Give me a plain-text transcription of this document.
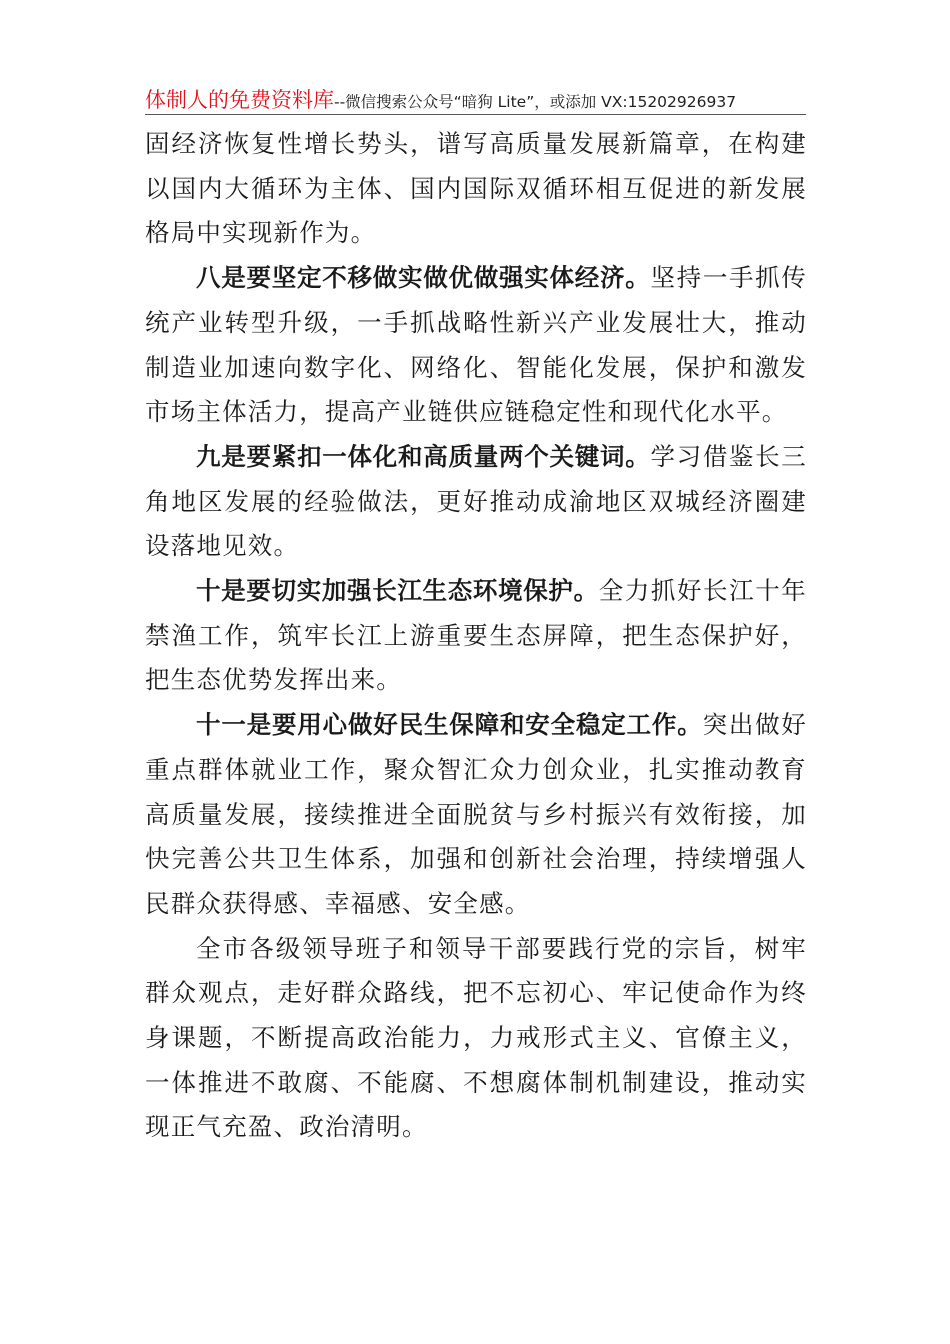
体制人的免费资料库--微信搜索公众号“暗狗 Lite”，或添加 VX:15202926937

固经济恢复性增长势头，谱写高质量发展新篇章，在构建以国内大循环为主体、国内国际双循环相互促进的新发展格局中实现新作为。

八是要坚定不移做实做优做强实体经济。坚持一手抓传统产业转型升级，一手抓战略性新兴产业发展壮大，推动制造业加速向数字化、网络化、智能化发展，保护和激发市场主体活力，提高产业链供应链稳定性和现代化水平。

九是要紧扣一体化和高质量两个关键词。学习借鉴长三角地区发展的经验做法，更好推动成渝地区双城经济圈建设落地见效。

十是要切实加强长江生态环境保护。全力抓好长江十年禁渔工作，筑牢长江上游重要生态屏障，把生态保护好，把生态优势发挥出来。

十一是要用心做好民生保障和安全稳定工作。突出做好重点群体就业工作，聚众智汇众力创众业，扎实推动教育高质量发展，接续推进全面脱贫与乡村振兴有效衔接，加快完善公共卫生体系，加强和创新社会治理，持续增强人民群众获得感、幸福感、安全感。

全市各级领导班子和领导干部要践行党的宗旨，树牢群众观点，走好群众路线，把不忘初心、牢记使命作为终身课题，不断提高政治能力，力戒形式主义、官僚主义，一体推进不敢腐、不能腐、不想腐体制机制建设，推动实现正气充盈、政治清明。
